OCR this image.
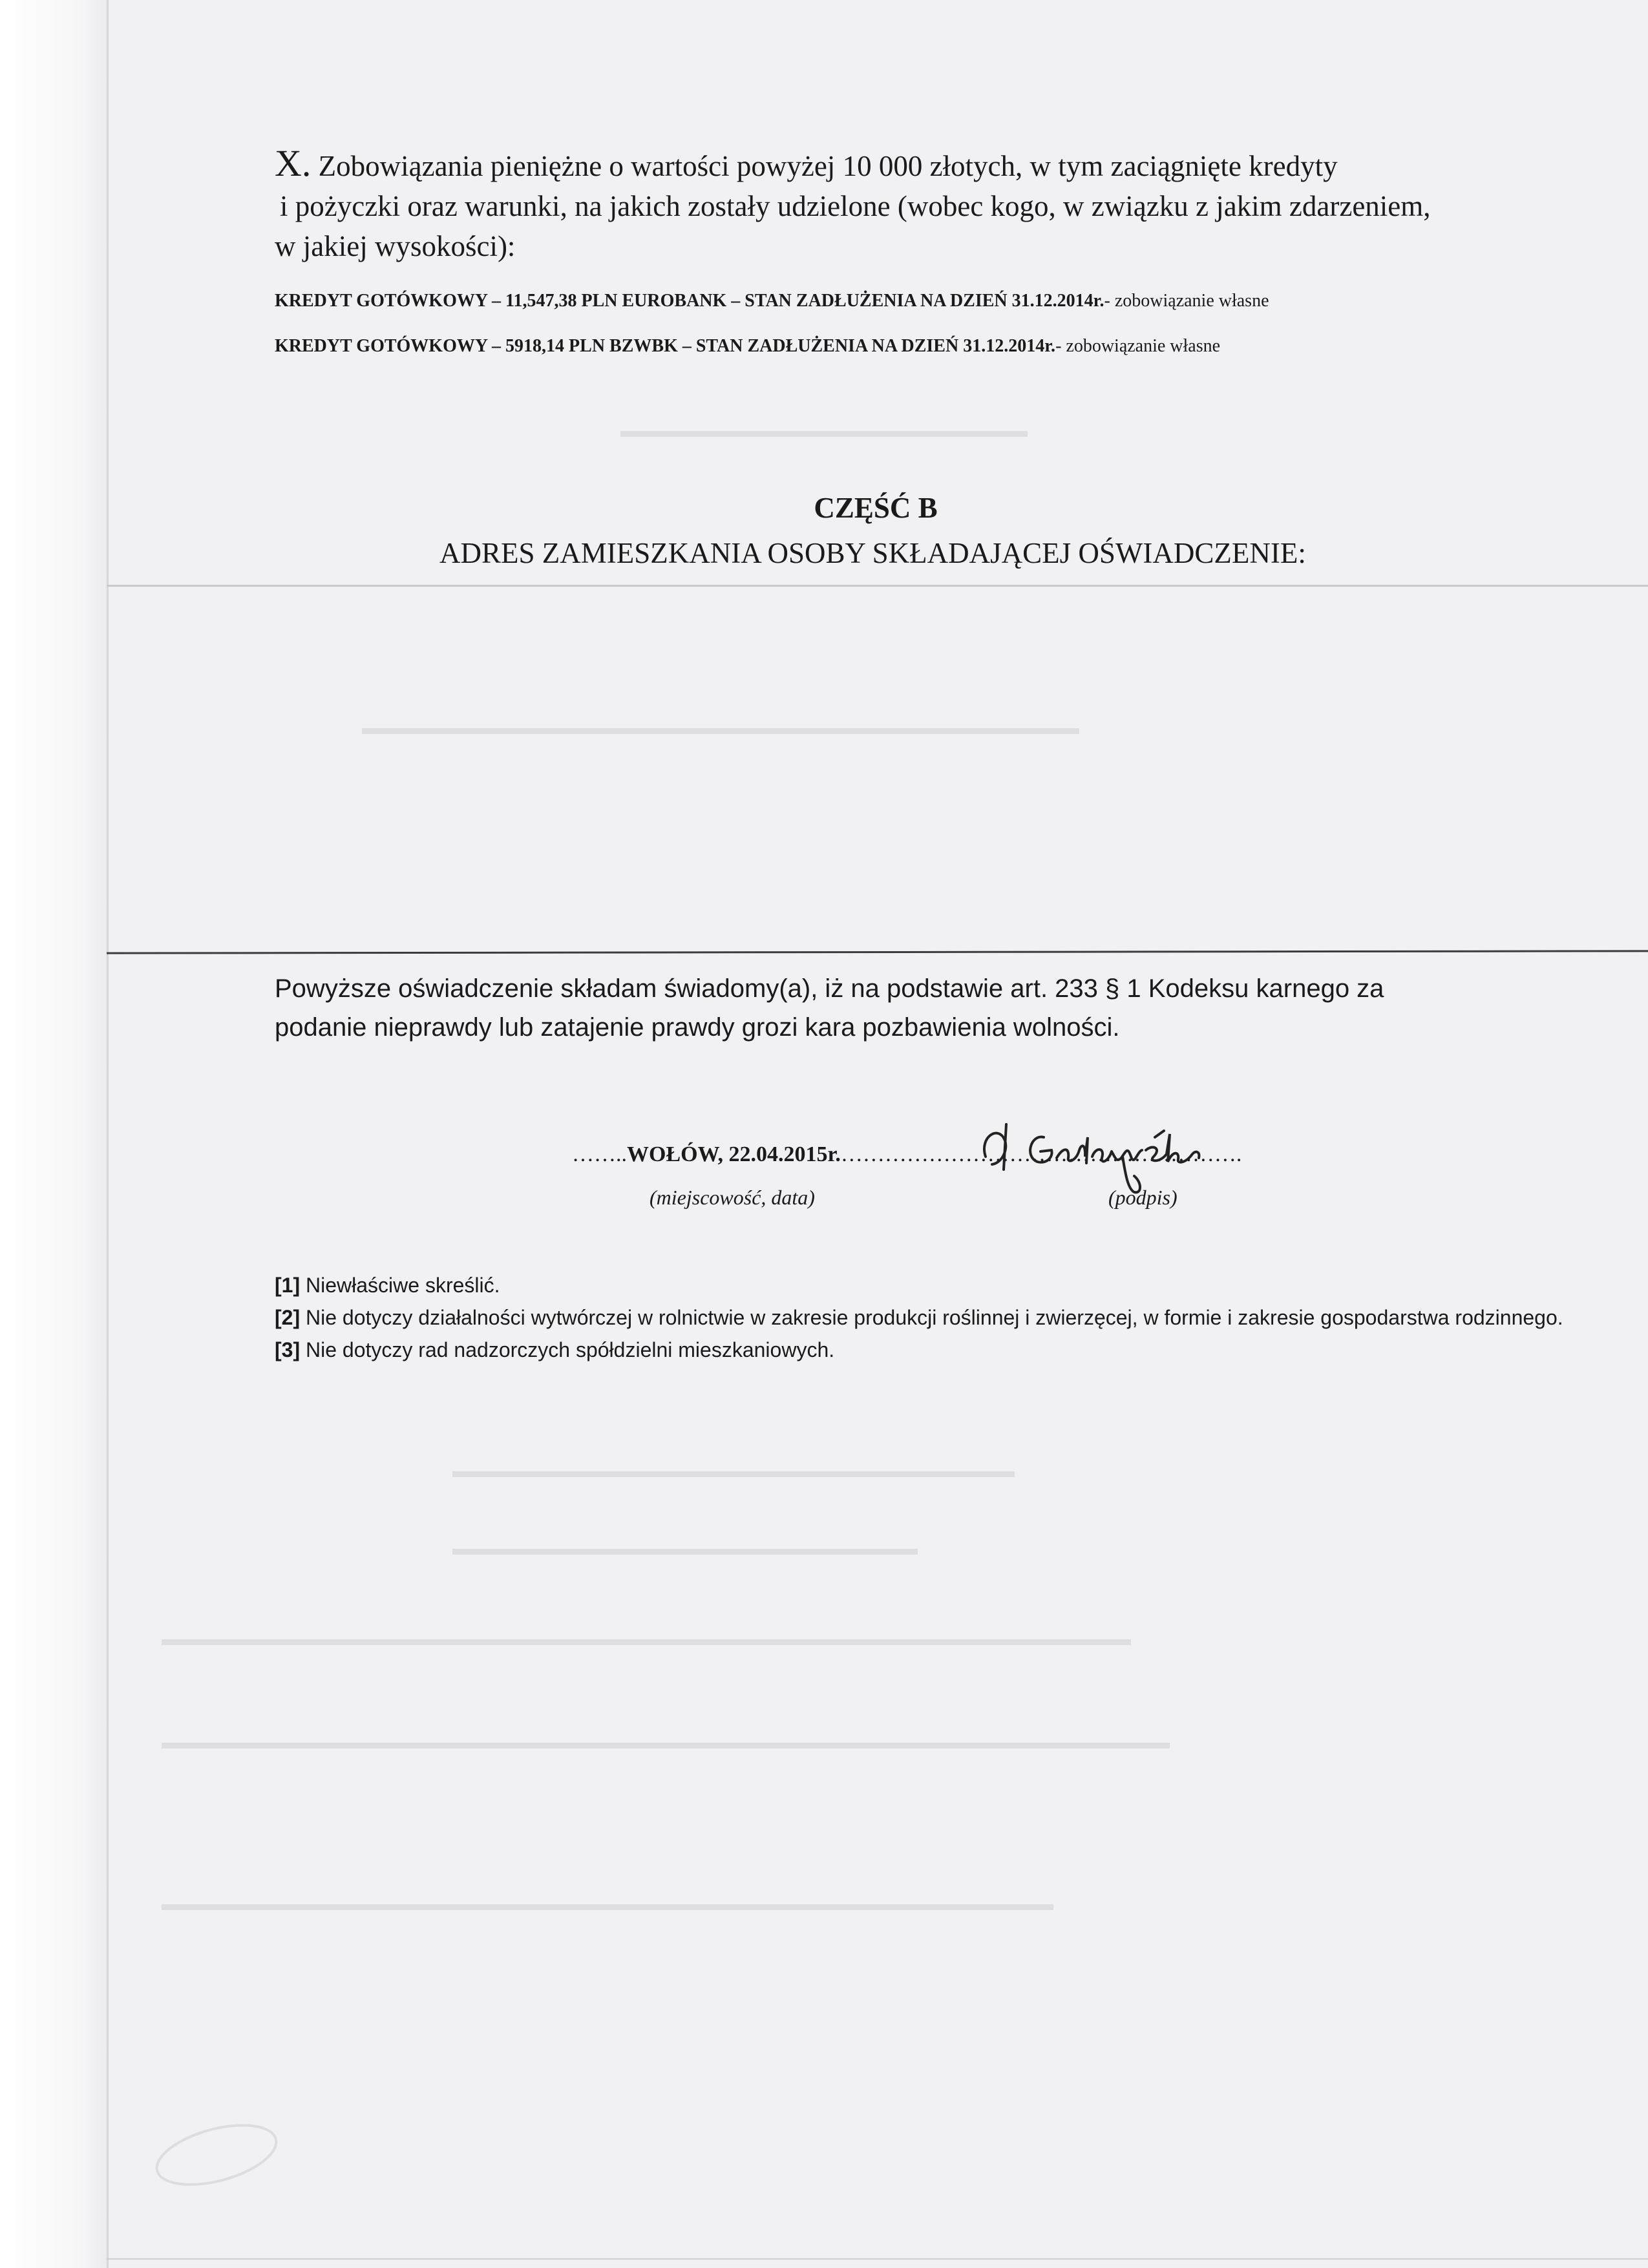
▬▬▬▬▬▬▬▬▬▬▬▬▬▬▬▬▬▬▬▬▬
▬▬▬▬▬▬▬▬▬▬▬▬▬▬▬▬▬▬▬▬▬▬▬▬▬▬▬▬▬▬▬▬▬▬▬▬▬
▬▬▬▬▬▬▬▬▬▬▬▬▬▬▬▬▬▬▬▬▬▬▬▬▬▬▬▬▬
▬▬▬▬▬▬▬▬▬▬▬▬▬▬▬▬▬▬▬▬▬▬▬▬
▬▬▬▬▬▬▬▬▬▬▬▬▬▬▬▬▬▬▬▬▬▬▬▬▬▬▬▬▬▬▬▬▬▬▬▬▬▬▬▬▬▬▬▬▬▬▬▬▬▬
▬▬▬▬▬▬▬▬▬▬▬▬▬▬▬▬▬▬▬▬▬▬▬▬▬▬▬▬▬▬▬▬▬▬▬▬▬▬▬▬▬▬▬▬▬▬▬▬▬▬▬▬
▬▬▬▬▬▬▬▬▬▬▬▬▬▬▬▬▬▬▬▬▬▬▬▬▬▬▬▬▬▬▬▬▬▬▬▬▬▬▬▬▬▬▬▬▬▬

X. Zobowiązania pieniężne o wartości powyżej 10 000 złotych, w tym zaciągnięte kredyty
i pożyczki oraz warunki, na jakich zostały udzielone (wobec kogo, w związku z jakim zdarzeniem,
w jakiej wysokości):

KREDYT GOTÓWKOWY – 11,547,38 PLN EUROBANK – STAN ZADŁUŻENIA NA DZIEŃ 31.12.2014r.- zobowiązanie własne

KREDYT GOTÓWKOWY – 5918,14 PLN BZWBK – STAN ZADŁUŻENIA NA DZIEŃ 31.12.2014r.- zobowiązanie własne

CZĘŚĆ B
ADRES ZAMIESZKANIA OSOBY SKŁADAJĄCEJ OŚWIADCZENIE:

Powyższe oświadczenie składam świadomy(a), iż na podstawie art. 233 § 1 Kodeksu karnego za
podanie nieprawdy lub zatajenie prawdy grozi kara pozbawienia wolności.

……..WOŁÓW, 22.04.2015r.……………………………………………….
(miejscowość, data)	(podpis)

[1] Niewłaściwe skreślić.

[2] Nie dotyczy działalności wytwórczej w rolnictwie w zakresie produkcji roślinnej i zwierzęcej, w formie i zakresie gospodarstwa rodzinnego.

[3] Nie dotyczy rad nadzorczych spółdzielni mieszkaniowych.
